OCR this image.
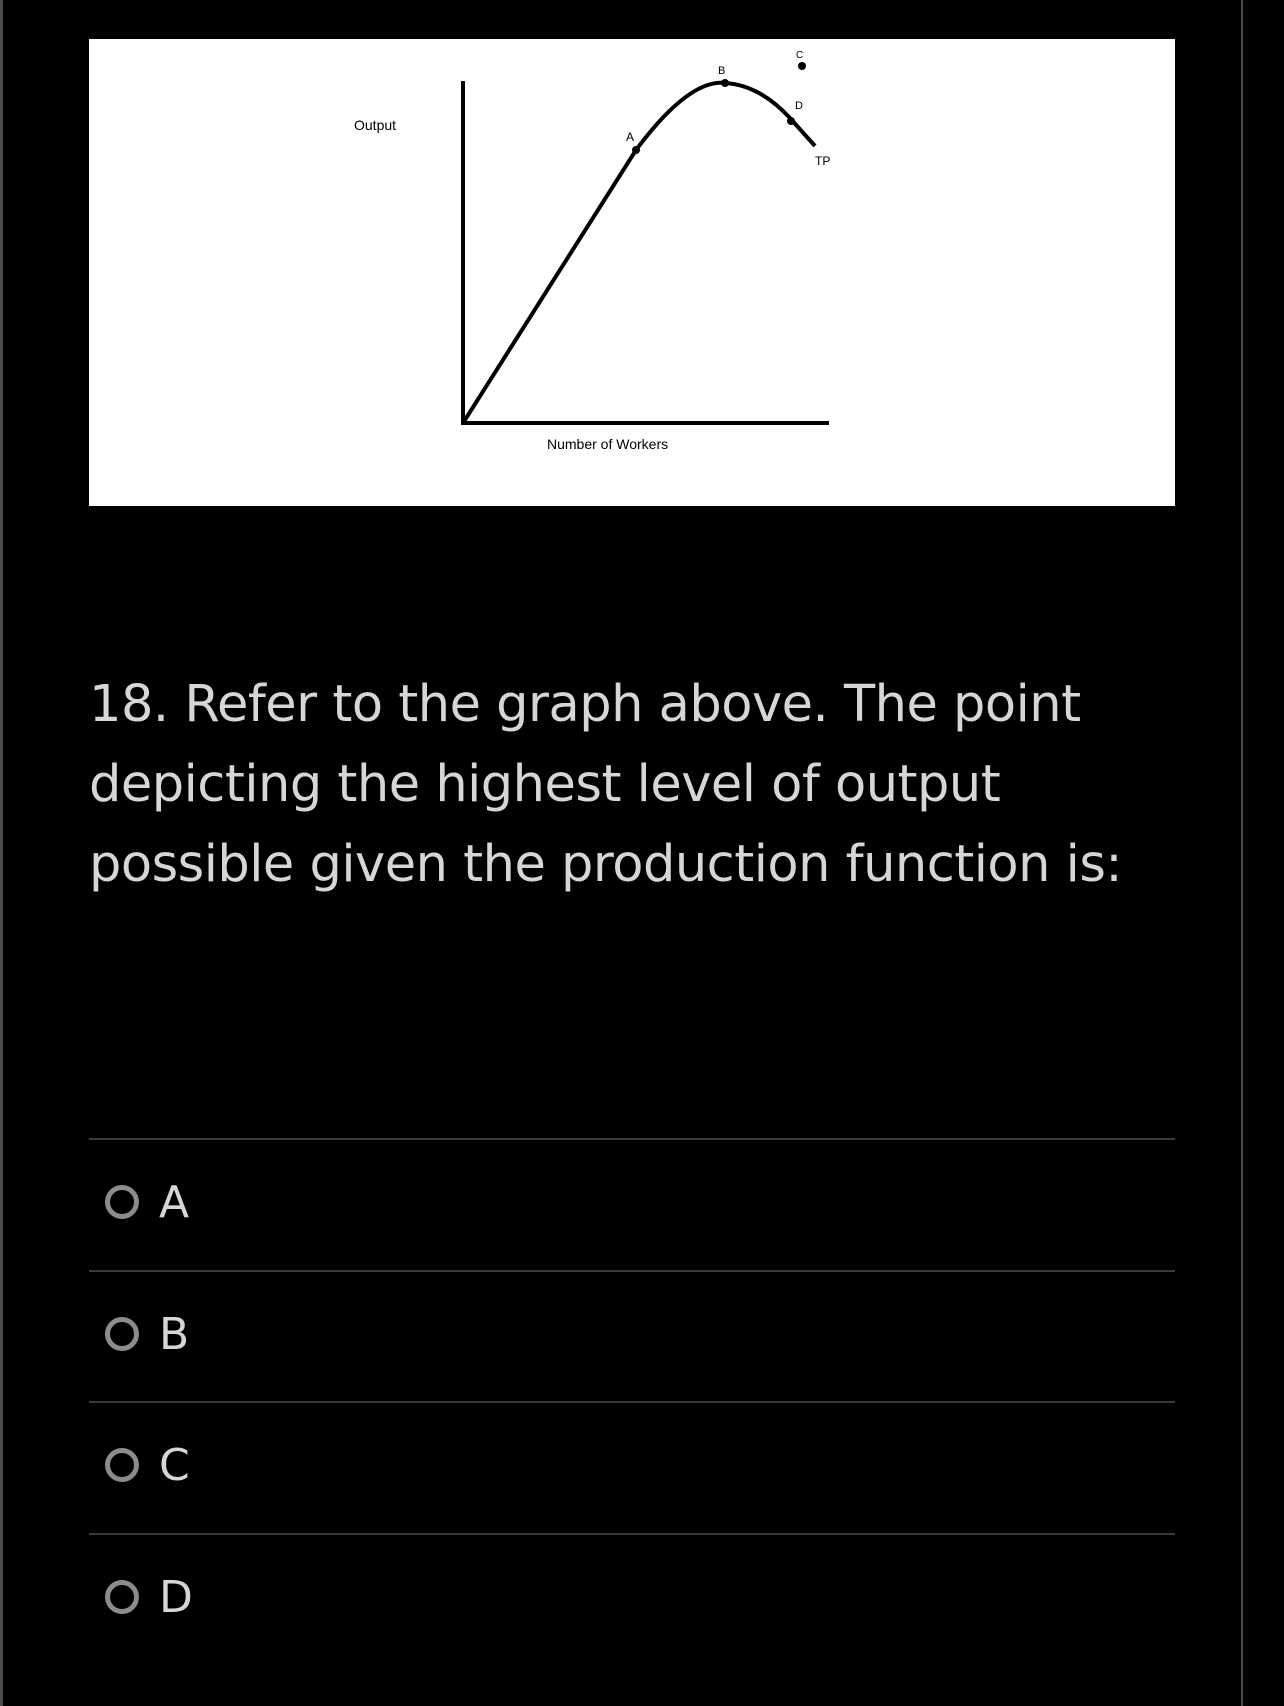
Output
Number of Workers
TP
A
B
C
D
18. Refer to the graph above. The point depicting the highest level of output possible given the production function is:
A
B
C
D
